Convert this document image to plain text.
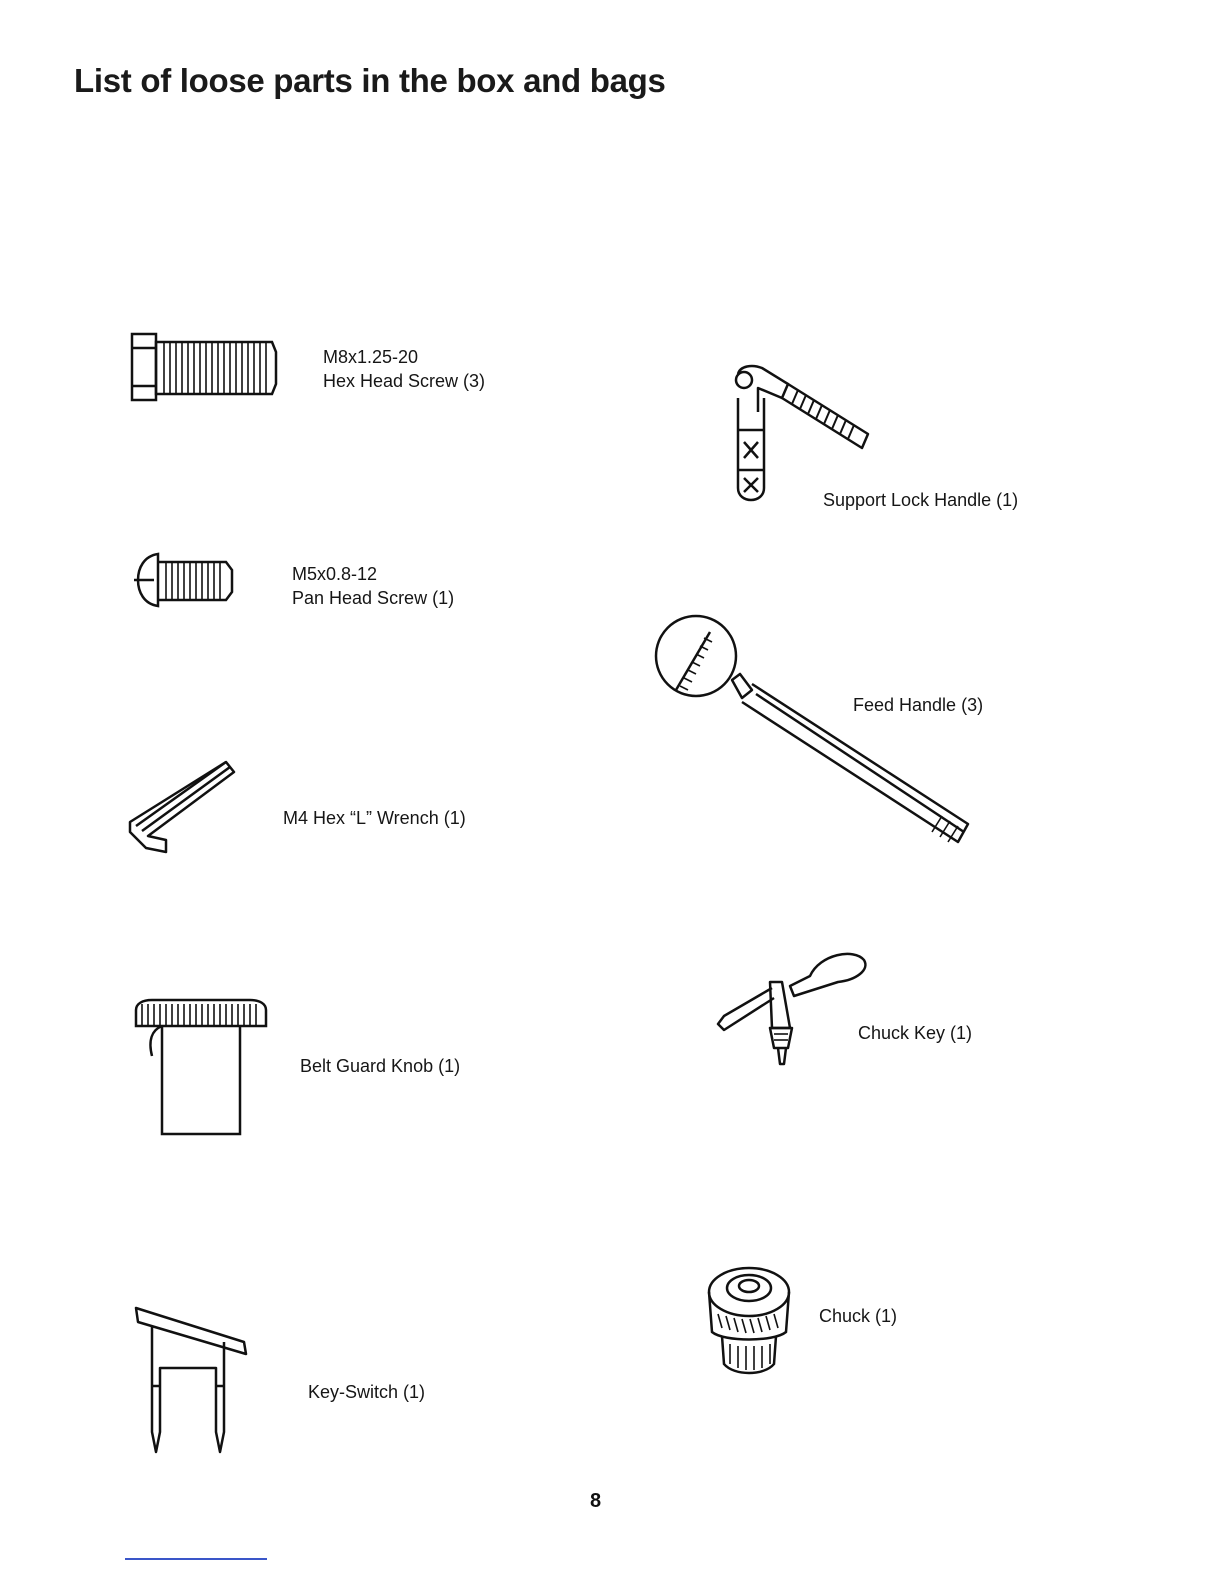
List of loose parts in the box and bags
M8x1.25-20
Hex Head Screw (3)
M5x0.8-12
Pan Head Screw (1)
M4 Hex “L” Wrench (1)
Belt Guard Knob (1)
Key-Switch (1)
Support Lock Handle (1)
Feed Handle (3)
Chuck Key (1)
Chuck (1)
8
